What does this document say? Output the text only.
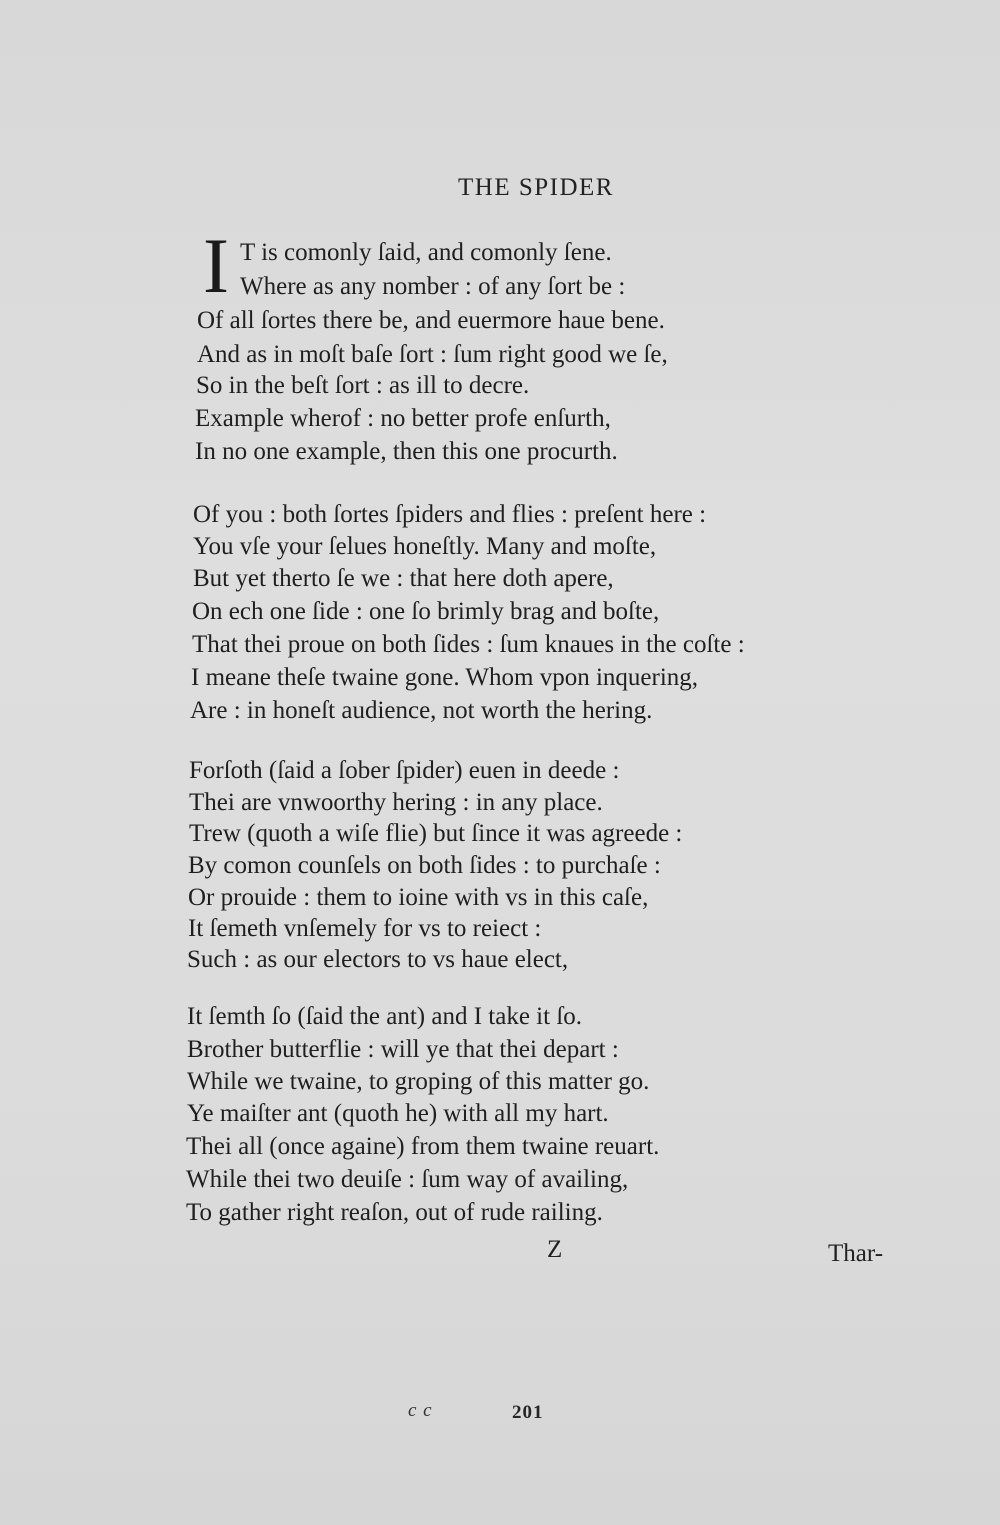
THE SPIDER
I T is comonly ſaid, and comonly ſene.
Where as any nomber : of any ſort be :
Of all ſortes there be, and euermore haue bene.
And as in moſt baſe ſort : ſum right good we ſe,
So in the beſt ſort : as ill to decre.
Example wherof : no better profe enſurth,
In no one example, then this one procurth.
Of you : both ſortes ſpiders and flies : preſent here :
You vſe your ſelues honeſtly. Many and moſte,
But yet therto ſe we : that here doth apere,
On ech one ſide : one ſo brimly brag and boſte,
That thei proue on both ſides : ſum knaues in the coſte :
I meane theſe twaine gone. Whom vpon inquering,
Are : in honeſt audience, not worth the hering.
Forſoth (ſaid a ſober ſpider) euen in deede :
Thei are vnwoorthy hering : in any place.
Trew (quoth a wiſe flie) but ſince it was agreede :
By comon counſels on both ſides : to purchaſe :
Or prouide : them to ioine with vs in this caſe,
It ſemeth vnſemely for vs to reiect :
Such : as our electors to vs haue elect,
It ſemth ſo (ſaid the ant) and I take it ſo.
Brother butterflie : will ye that thei depart :
While we twaine, to groping of this matter go.
Ye maiſter ant (quoth he) with all my hart.
Thei all (once againe) from them twaine reuart.
While thei two deuiſe : ſum way of availing,
To gather right reaſon, out of rude railing.
Z	Thar-
c c	201
